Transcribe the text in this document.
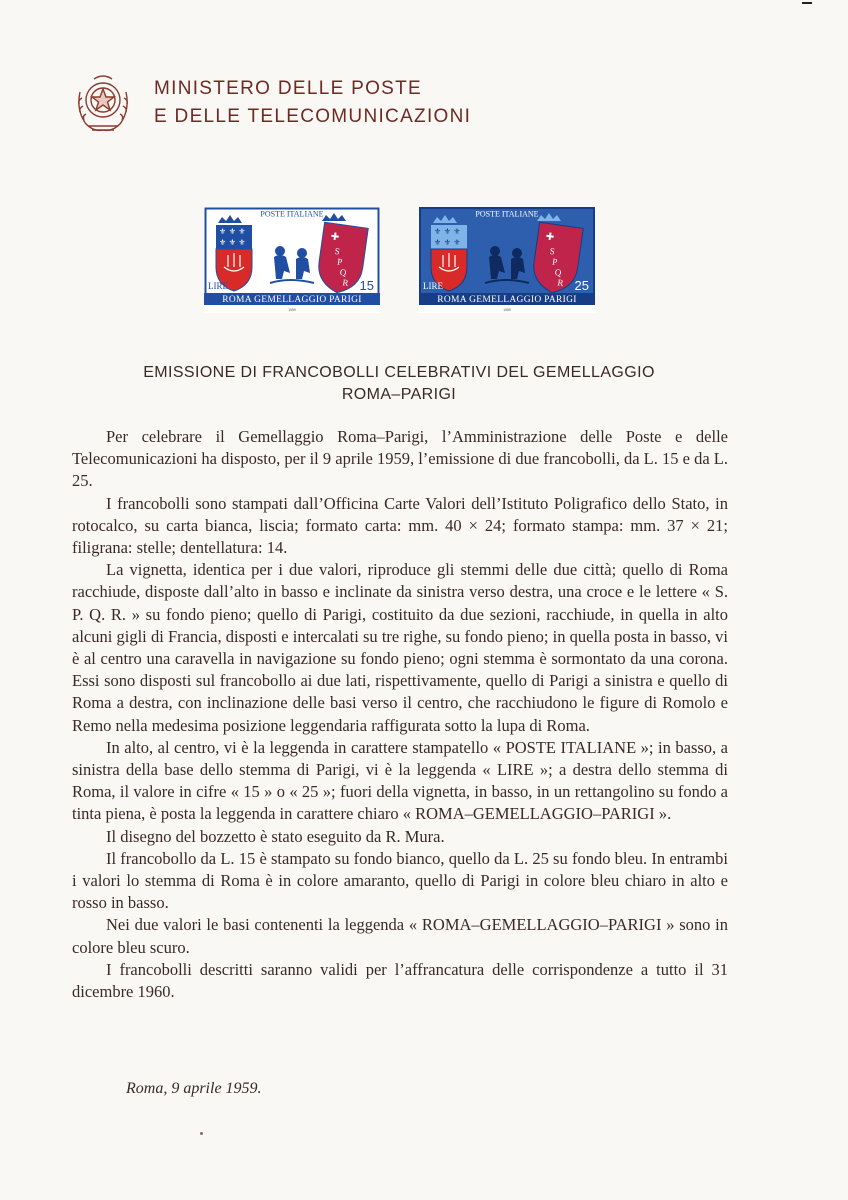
MINISTERO DELLE POSTE
E DELLE TELECOMUNICAZIONI
POSTE ITALIANE
⚜ ⚜ ⚜
⚜ ⚜ ⚜	✚
S
P
Q
R
LIRE	15
ROMA GEMELLAGGIO PARIGI
1959
POSTE ITALIANE
⚜ ⚜ ⚜
⚜ ⚜ ⚜	✚
S
P
Q
R
LIRE	25
ROMA GEMELLAGGIO PARIGI
1959
EMISSIONE DI FRANCOBOLLI CELEBRATIVI DEL GEMELLAGGIO
ROMA–PARIGI

Per celebrare il Gemellaggio Roma–Parigi, l’Amministrazione delle Poste e delle Telecomunicazioni ha disposto, per il 9 aprile 1959, l’emissione di due francobolli, da L. 15 e da L. 25.

I francobolli sono stampati dall’Officina Carte Valori dell’Istituto Poligrafico dello Stato, in rotocalco, su carta bianca, liscia; formato carta: mm. 40 × 24; formato stampa: mm. 37 × 21; filigrana: stelle; dentellatura: 14.

La vignetta, identica per i due valori, riproduce gli stemmi delle due città; quello di Roma racchiude, disposte dall’alto in basso e inclinate da sinistra verso destra, una croce e le lettere « S. P. Q. R. » su fondo pieno; quello di Parigi, costituito da due sezioni, racchiude, in quella in alto alcuni gigli di Francia, disposti e intercalati su tre righe, su fondo pieno; in quella posta in basso, vi è al centro una caravella in navigazione su fondo pieno; ogni stemma è sormontato da una corona. Essi sono disposti sul francobollo ai due lati, rispettivamente, quello di Parigi a sinistra e quello di Roma a destra, con inclinazione delle basi verso il centro, che racchiudono le figure di Romolo e Remo nella medesima posizione leggendaria raffigurata sotto la lupa di Roma.

In alto, al centro, vi è la leggenda in carattere stampatello « POSTE ITALIANE »; in basso, a sinistra della base dello stemma di Parigi, vi è la leggenda « LIRE »; a destra dello stemma di Roma, il valore in cifre « 15 » o « 25 »; fuori della vignetta, in basso, in un rettangolino su fondo a tinta piena, è posta la leggenda in carattere chiaro « ROMA–GEMELLAGGIO–PARIGI ».

Il disegno del bozzetto è stato eseguito da R. Mura.

Il francobollo da L. 15 è stampato su fondo bianco, quello da L. 25 su fondo bleu. In entrambi i valori lo stemma di Roma è in colore amaranto, quello di Parigi in colore bleu chiaro in alto e rosso in basso.

Nei due valori le basi contenenti la leggenda « ROMA–GEMELLAGGIO–PARIGI » sono in colore bleu scuro.

I francobolli descritti saranno validi per l’affrancatura delle corrispondenze a tutto il 31 dicembre 1960.

Roma, 9 aprile 1959.
